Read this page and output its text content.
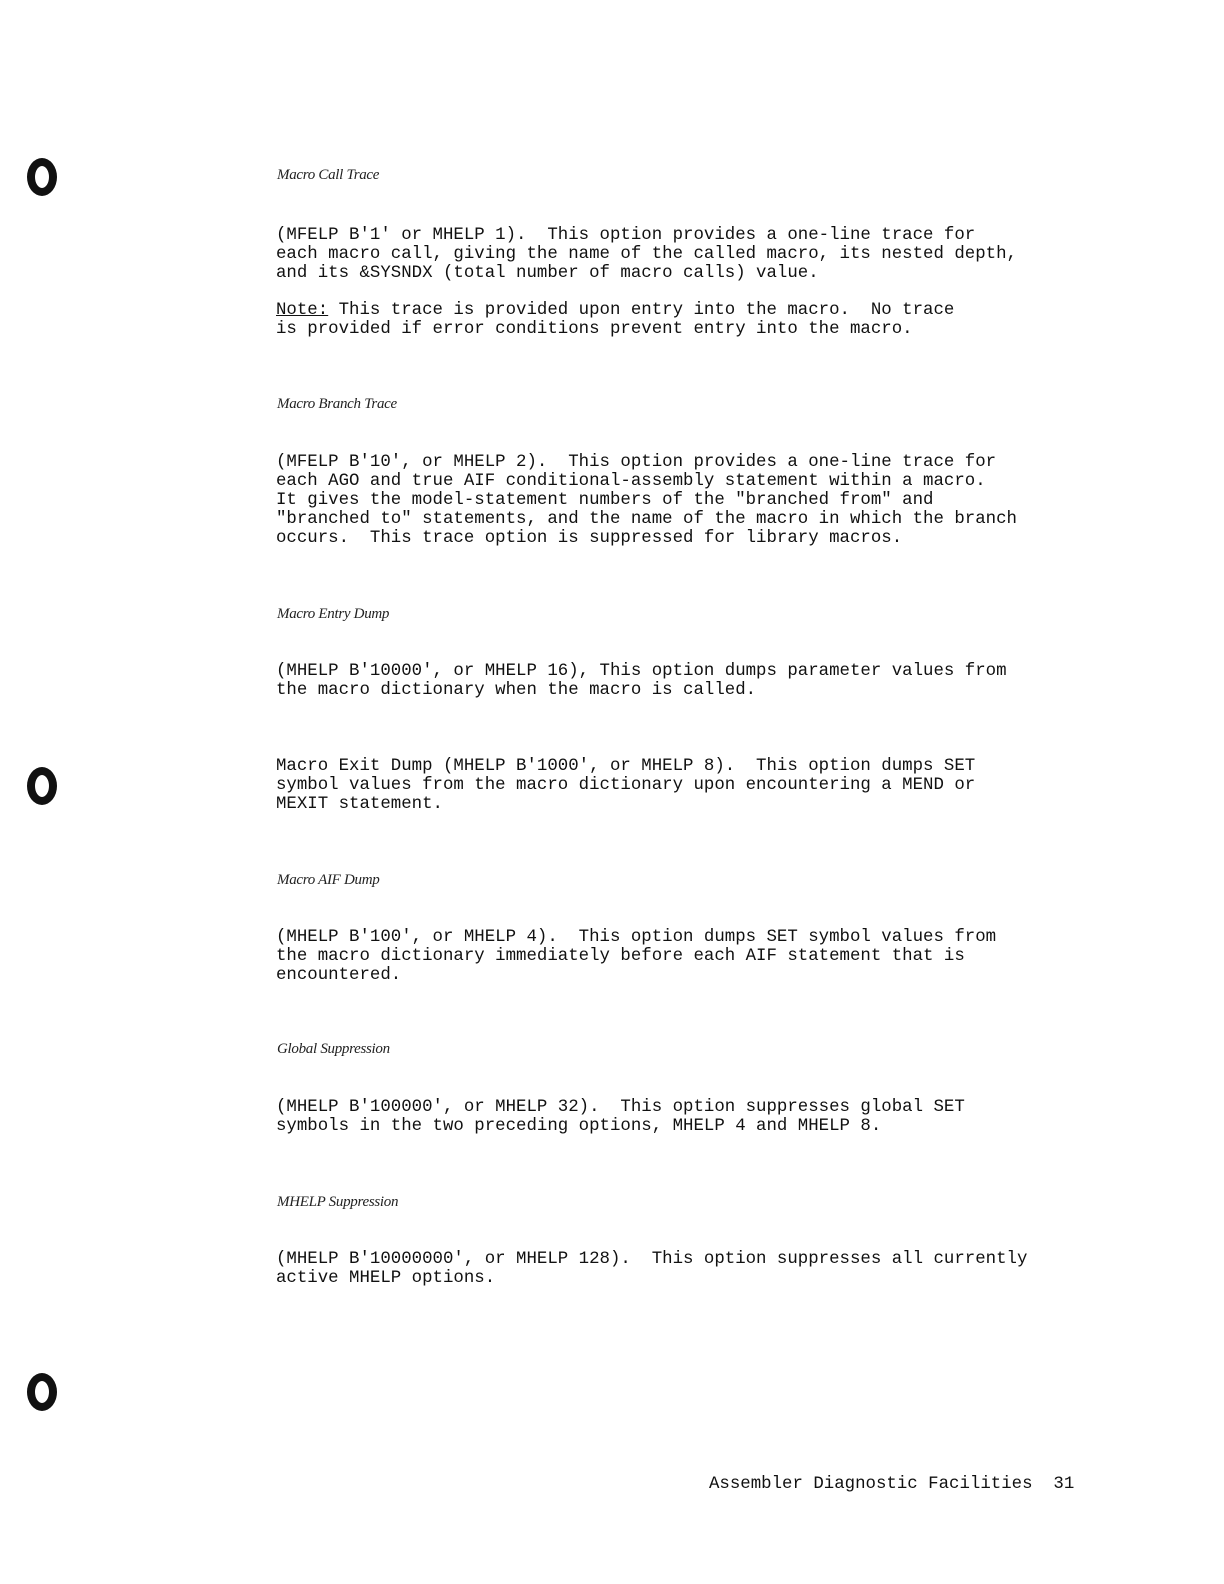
Macro Call Trace
(MFELP B'1' or MHELP 1).  This option provides a one-line trace for
each macro call, giving the name of the called macro, its nested depth,
and its &SYSNDX (total number of macro calls) value.
Note: This trace is provided upon entry into the macro.  No trace
is provided if error conditions prevent entry into the macro.
Macro Branch Trace
(MFELP B'10', or MHELP 2).  This option provides a one-line trace for
each AGO and true AIF conditional-assembly statement within a macro.
It gives the model-statement numbers of the "branched from" and
"branched to" statements, and the name of the macro in which the branch
occurs.  This trace option is suppressed for library macros.
Macro Entry Dump
(MHELP B'10000', or MHELP 16), This option dumps parameter values from
the macro dictionary when the macro is called.
Macro Exit Dump (MHELP B'1000', or MHELP 8).  This option dumps SET
symbol values from the macro dictionary upon encountering a MEND or
MEXIT statement.
Macro AIF Dump
(MHELP B'100', or MHELP 4).  This option dumps SET symbol values from
the macro dictionary immediately before each AIF statement that is
encountered.
Global Suppression
(MHELP B'100000', or MHELP 32).  This option suppresses global SET
symbols in the two preceding options, MHELP 4 and MHELP 8.
MHELP Suppression
(MHELP B'10000000', or MHELP 128).  This option suppresses all currently
active MHELP options.
Assembler Diagnostic Facilities 31
